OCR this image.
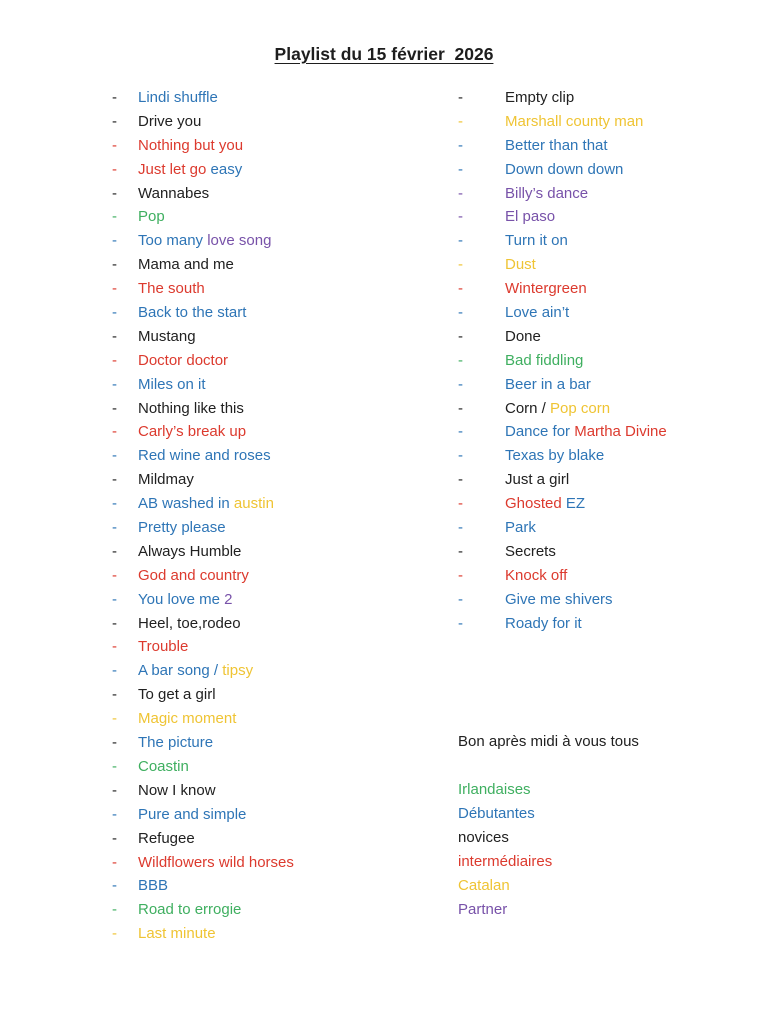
Playlist du 15 février  2026
-	Lindi shuffle
-	Drive you
-	Nothing but you
-	Just let go easy
-	Wannabes
-	Pop
-	Too many love song
-	Mama and me
-	The south
-	Back to the start
-	Mustang
-	Doctor doctor
-	Miles on it
-	Nothing like this
-	Carly’s break up
-	Red wine and roses
-	Mildmay
-	AB washed in austin
-	Pretty please
-	Always Humble
-	God and country
-	You love me 2
-	Heel, toe,rodeo
-	Trouble
-	A bar song / tipsy
-	To get a girl
-	Magic moment
-	The picture
-	Coastin
-	Now I know
-	Pure and simple
-	Refugee
-	Wildflowers wild horses
-	BBB
-	Road to errogie
-	Last minute
-	Empty clip
-	Marshall county man
-	Better than that
-	Down down down
-	Billy’s dance
-	El paso
-	Turn it on
-	Dust
-	Wintergreen
-	Love ain’t
-	Done
-	Bad fiddling
-	Beer in a bar
-	Corn / Pop corn
-	Dance for Martha Divine
-	Texas by blake
-	Just a girl
-	Ghosted EZ
-	Park
-	Secrets
-	Knock off
-	Give me shivers
-	Roady for it
Bon après midi à vous tous
Irlandaises
Débutantes
novices
intermédiaires
Catalan
Partner
